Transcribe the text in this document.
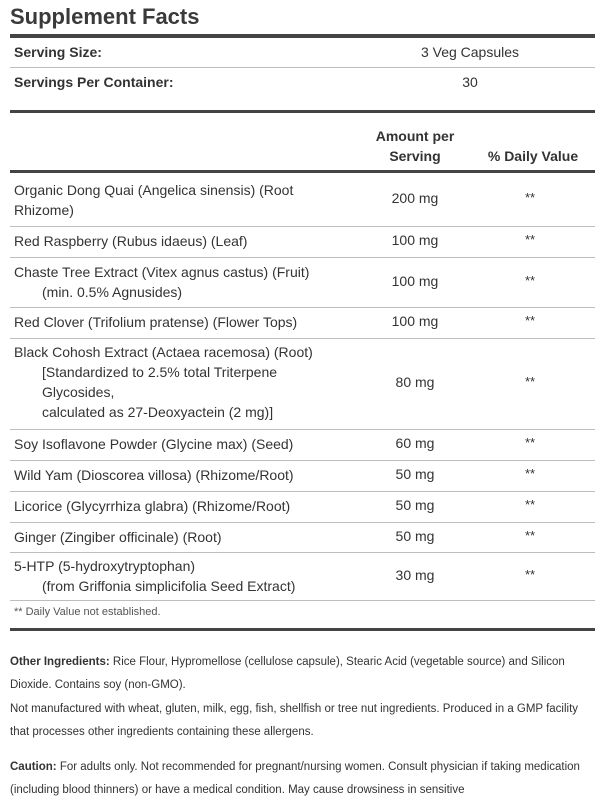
Supplement Facts
Serving Size:	3 Veg Capsules
Servings Per Container:	30
Amount per
Serving	% Daily Value
Organic Dong Quai (Angelica sinensis) (Root
Rhizome)
200 mg	**
Red Raspberry (Rubus idaeus) (Leaf)	100 mg	**
Chaste Tree Extract (Vitex agnus castus) (Fruit)
(min. 0.5% Agnusides)
100 mg	**
Red Clover (Trifolium pratense) (Flower Tops)	100 mg	**
Black Cohosh Extract (Actaea racemosa) (Root)
[Standardized to 2.5% total Triterpene
Glycosides,
calculated as 27-Deoxyactein (2 mg)]
80 mg	**
Soy Isoflavone Powder (Glycine max) (Seed)	60 mg	**
Wild Yam (Dioscorea villosa) (Rhizome/Root)	50 mg	**
Licorice (Glycyrrhiza glabra) (Rhizome/Root)	50 mg	**
Ginger (Zingiber officinale) (Root)	50 mg	**
5-HTP (5-hydroxytryptophan)
(from Griffonia simplicifolia Seed Extract)
30 mg	**
** Daily Value not established.
Other Ingredients: Rice Flour, Hypromellose (cellulose capsule), Stearic Acid (vegetable source) and Silicon Dioxide. Contains soy (non-GMO).
Not manufactured with wheat, gluten, milk, egg, fish, shellfish or tree nut ingredients. Produced in a GMP facility that processes other ingredients containing these allergens.
Caution: For adults only. Not recommended for pregnant/nursing women. Consult physician if taking medication (including blood thinners) or have a medical condition. May cause drowsiness in sensitive
